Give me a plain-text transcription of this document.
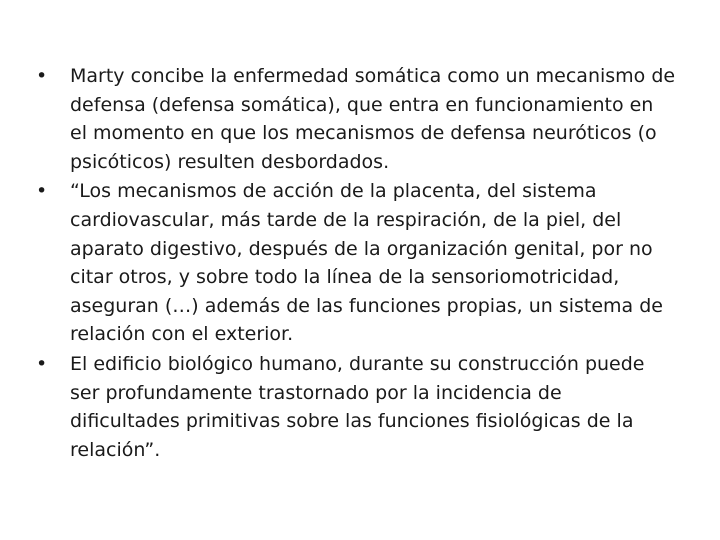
•	Marty concibe la enfermedad somática como un mecanismo de defensa (defensa somática), que entra en funcionamiento en el momento en que los mecanismos de defensa neuróticos (o psicóticos) resulten desbordados.
•	“Los mecanismos de acción de la placenta, del sistema cardiovascular, más tarde de la respiración, de la piel, del aparato digestivo, después de la organización genital, por no citar otros, y sobre todo la línea de la sensoriomotricidad, aseguran (…) además de las funciones propias, un sistema de relación con el exterior.
•	El edificio biológico humano, durante su construcción puede ser profundamente trastornado por la incidencia de dificultades primitivas sobre las funciones fisiológicas de la relación”.
